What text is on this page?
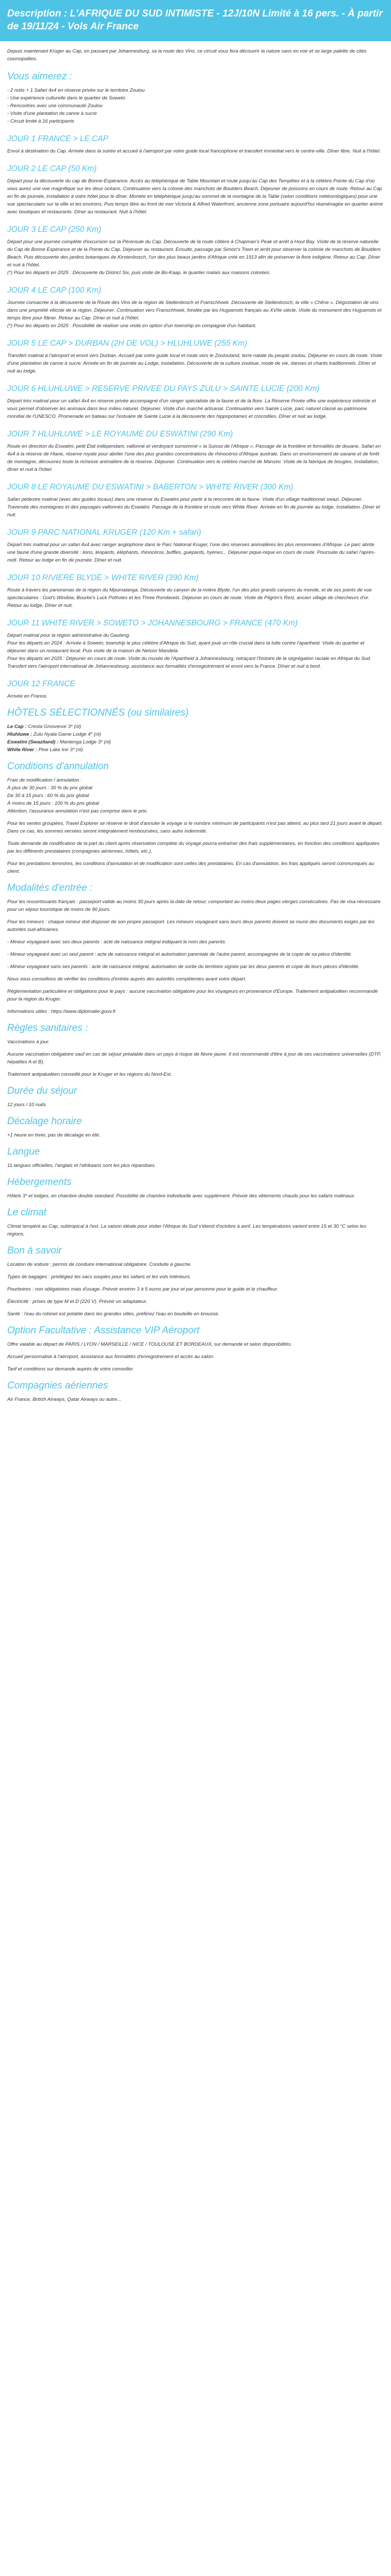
Description : L'AFRIQUE DU SUD INTIMISTE - 12J/10N Limité à 16 pers. - À partir de 19/11/24 - Vols Air France

Depuis maintenant Kruger au Cap, en passant par Johannesburg, sa la route des Vins, ce circuit vous fera découvrir la nature sans en voir et se large palette de cités cosmopolites.

Vous aimerez :

- 2 nuits + 1 Safari 4x4 en réserve privée sur le territoire Zoulou

- Une expérience culturelle dans le quartier de Soweto

- Rencontres avec une communauté Zoulou

- Visite d'une plantation de canne à sucre

- Circuit limité à 16 participants

JOUR 1 FRANCE > LE CAP

Envol à destination du Cap. Arrivée dans la soirée et accueil à l'aéroport par votre guide local francophone et transfert immédiat vers le centre-ville. Dîner libre. Nuit à l'hôtel.

JOUR 2 LE CAP (50 Km)

Départ pour la découverte du cap de Bonne-Espérance. Accès au téléphérique de Table Mountain et route jusqu'au Cap des Tempêtes et à la célèbre Pointe du Cap d'où vous aurez une vue magnifique sur les deux océans. Continuation vers la colonie des manchots de Boulders Beach. Déjeuner de poissons en cours de route. Retour au Cap en fin de journée, installation à votre hôtel pour le dîner. Montée en téléphérique jusqu'au sommet de la montagne de la Table (selon conditions météorologiques) pour une vue spectaculaire sur la ville et les environs. Puis temps libre au front de mer Victoria & Alfred Waterfront, ancienne zone portuaire aujourd'hui réaménagée en quartier animé avec boutiques et restaurants. Dîner au restaurant. Nuit à l'hôtel.

JOUR 3 LE CAP (250 Km)

Départ pour une journée complète d'excursion sur la Péninsule du Cap. Découverte de la route côtière à Chapman's Peak et arrêt à Hout Bay. Visite de la réserve naturelle du Cap de Bonne Espérance et de la Pointe du Cap. Déjeuner au restaurant. Ensuite, passage par Simon's Town et arrêt pour observer la colonie de manchots de Boulders Beach. Puis découverte des jardins botaniques de Kirstenbosch, l'un des plus beaux jardins d'Afrique créé en 1913 afin de préserver la flore indigène. Retour au Cap. Dîner et nuit à l'hôtel.
(*) Pour les départs en 2025 : Découverte du District Six, puis visite de Bo-Kaap, le quartier malais aux maisons colorées.

JOUR 4 LE CAP (100 Km)

Journée consacrée à la découverte de la Route des Vins de la région de Stellenbosch et Franschhoek. Découverte de Stellenbosch, la ville « Chêne ». Dégustation de vins dans une propriété viticole de la région. Déjeuner. Continuation vers Franschhoek, fondée par les Huguenots français au XVIIe siècle. Visite du monument des Huguenots et temps libre pour flâner. Retour au Cap. Dîner et nuit à l'hôtel.
(*) Pour les départs en 2025 : Possibilité de réaliser une visite en option d'un township en compagnie d'un habitant.

JOUR 5 LE CAP > DURBAN (2H DE VOL) > HLUHLUWE (255 Km)

Transfert matinal à l'aéroport et envol vers Durban. Accueil par votre guide local et route vers le Zoulouland, terre natale du peuple zoulou. Déjeuner en cours de route. Visite d'une plantation de canne à sucre. Arrivée en fin de journée au Lodge, installation. Découverte de la culture zouloue, mode de vie, danses et chants traditionnels. Dîner et nuit au lodge.

JOUR 6 HLUHLUWE > RESERVE PRIVEE DU PAYS ZULU > SAINTE LUCIE (200 Km)

Départ très matinal pour un safari 4x4 en réserve privée accompagné d'un ranger spécialiste de la faune et de la flore. La Réserve Privée offre une expérience intimiste et vous permet d'observer les animaux dans leur milieu naturel. Déjeuner. Visite d'un marché artisanal. Continuation vers Sainte Lucie, parc naturel classé au patrimoine mondial de l'UNESCO. Promenade en bateau sur l'estuaire de Sainte Lucie à la découverte des hippopotames et crocodiles. Dîner et nuit au lodge.

JOUR 7 HLUHLUWE > LE ROYAUME DU ESWATINI (290 Km)

Route en direction du Eswatini, petit État indépendant, vallonné et verdoyant surnommé « la Suisse de l'Afrique ». Passage de la frontière et formalités de douane. Safari en 4x4 à la réserve de Hlane, réserve royale pour abriter l'une des plus grandes concentrations de rhinocéros d'Afrique australe. Dans un environnement de savane et de forêt de montagne, découvrez toute la richesse animalière de la réserve. Déjeuner. Continuation vers le célèbre marché de Manzini. Visite de la fabrique de bougies. Installation, dîner et nuit à l'hôtel.

JOUR 8 LE ROYAUME DU ESWATINI > BABERTON > WHITE RIVER (300 Km)

Safari pédestre matinal (avec des guides locaux) dans une réserve du Eswatini pour partir à la rencontre de la faune. Visite d'un village traditionnel swazi. Déjeuner. Traversée des montagnes et des paysages vallonnés du Eswatini. Passage de la frontière et route vers White River. Arrivée en fin de journée au lodge. Installation. Dîner et nuit.

JOUR 9 PARC NATIONAL KRUGER (120 Km + safari)

Départ très matinal pour un safari 4x4 avec ranger anglophone dans le Parc National Kruger, l'une des réserves animalières les plus renommées d'Afrique. Le parc abrite une faune d'une grande diversité : lions, léopards, éléphants, rhinocéros, buffles, guépards, hyènes... Déjeuner pique-nique en cours de route. Poursuite du safari l'après-midi. Retour au lodge en fin de journée. Dîner et nuit.

JOUR 10 RIVIERE BLYDE > WHITE RIVER (390 Km)

Route à travers les panoramas de la région du Mpumalanga. Découverte du canyon de la rivière Blyde, l'un des plus grands canyons du monde, et de ses points de vue spectaculaires : God's Window, Bourke's Luck Potholes et les Three Rondavels. Déjeuner en cours de route. Visite de Pilgrim's Rest, ancien village de chercheurs d'or. Retour au lodge. Dîner et nuit.

JOUR 11 WHITE RIVER > SOWETO > JOHANNESBOURG > FRANCE (470 Km)

Départ matinal pour la région administrative du Gauteng.
Pour les départs en 2024 : Arrivée à Soweto, township le plus célèbre d'Afrique du Sud, ayant joué un rôle crucial dans la lutte contre l'apartheid. Visite du quartier et déjeuner dans un restaurant local. Puis visite de la maison de Nelson Mandela.
Pour les départs en 2025 : Déjeuner en cours de route. Visite du musée de l'Apartheid à Johannesbourg, retraçant l'histoire de la ségrégation raciale en Afrique du Sud. Transfert vers l'aéroport international de Johannesbourg, assistance aux formalités d'enregistrement et envol vers la France. Dîner et nuit à bord.

JOUR 12 FRANCE

Arrivée en France.

HÔTELS SÉLECTIONNÉS (ou similaires)

Le Cap : Cresta Grosvenor 3* (nl)

Hluhluwe : Zulu Nyala Game Lodge 4* (nl)

Eswatini (Swaziland) : Mantenga Lodge 3* (nl)

White River : Pine Lake Inn 3* (nl)

Conditions d'annulation

Frais de modification / annulation :
À plus de 30 jours : 30 % du prix global
De 30 à 15 jours : 60 % du prix global
À moins de 15 jours : 100 % du prix global
Attention, l'assurance annulation n'est pas comprise dans le prix.

Pour les ventes groupées, Travel Explorer se réserve le droit d'annuler le voyage si le nombre minimum de participants n'est pas atteint, au plus tard 21 jours avant le départ. Dans ce cas, les sommes versées seront intégralement remboursées, sans autre indemnité.

Toute demande de modification de la part du client après réservation complète du voyage pourra entraîner des frais supplémentaires, en fonction des conditions appliquées par les différents prestataires (compagnies aériennes, hôtels, etc.).

Pour les prestations terrestres, les conditions d'annulation et de modification sont celles des prestataires. En cas d'annulation, les frais appliqués seront communiqués au client.

Modalités d'entrée :

Pour les ressortissants français : passeport valide au moins 30 jours après la date de retour, comportant au moins deux pages vierges consécutives. Pas de visa nécessaire pour un séjour touristique de moins de 90 jours.

Pour les mineurs : chaque mineur doit disposer de son propre passeport. Les mineurs voyageant sans leurs deux parents doivent se munir des documents exigés par les autorités sud-africaines.

- Mineur voyageant avec ses deux parents : acte de naissance intégral indiquant le nom des parents.

- Mineur voyageant avec un seul parent : acte de naissance intégral et autorisation parentale de l'autre parent, accompagnée de la copie de sa pièce d'identité.

- Mineur voyageant sans ses parents : acte de naissance intégral, autorisation de sortie du territoire signée par les deux parents et copie de leurs pièces d'identité.

Nous vous conseillons de vérifier les conditions d'entrée auprès des autorités compétentes avant votre départ.

Règlementation particulière et obligations pour le pays : aucune vaccination obligatoire pour les voyageurs en provenance d'Europe. Traitement antipaludéen recommandé pour la région du Kruger.

Informations utiles : https://www.diplomatie.gouv.fr

Règles sanitaires :

Vaccinations à jour.

Aucune vaccination obligatoire sauf en cas de séjour préalable dans un pays à risque de fièvre jaune. Il est recommandé d'être à jour de ses vaccinations universelles (DTP, hépatites A et B).

Traitement antipaludéen conseillé pour le Kruger et les régions du Nord-Est.

Durée du séjour

12 jours / 10 nuits

Décalage horaire

+1 heure en hiver, pas de décalage en été.

Langue

11 langues officielles, l'anglais et l'afrikaans sont les plus répandues.

Hébergements

Hôtels 3* et lodges, en chambre double standard. Possibilité de chambre individuelle avec supplément. Prévoir des vêtements chauds pour les safaris matinaux.

Le climat

Climat tempéré au Cap, subtropical à l'est. La saison idéale pour visiter l'Afrique du Sud s'étend d'octobre à avril. Les températures varient entre 15 et 30 °C selon les régions.

Bon à savoir

Location de voiture : permis de conduire international obligatoire. Conduite à gauche.

Types de bagages : privilégiez les sacs souples pour les safaris et les vols intérieurs.

Pourboires : non obligatoires mais d'usage. Prévoir environ 3 à 5 euros par jour et par personne pour le guide et le chauffeur.

Électricité : prises de type M et D (220 V). Prévoir un adaptateur.

Santé : l'eau du robinet est potable dans les grandes villes, préférez l'eau en bouteille en brousse.

Option Facultative : Assistance VIP Aéroport

Offre valable au départ de PARIS / LYON / MARSEILLE / NICE / TOULOUSE ET BORDEAUX, sur demande et selon disponibilités.

Accueil personnalisé à l'aéroport, assistance aux formalités d'enregistrement et accès au salon.

Tarif et conditions sur demande auprès de votre conseiller.

Compagnies aériennes

Air France, British Airways, Qatar Airways ou autre...
